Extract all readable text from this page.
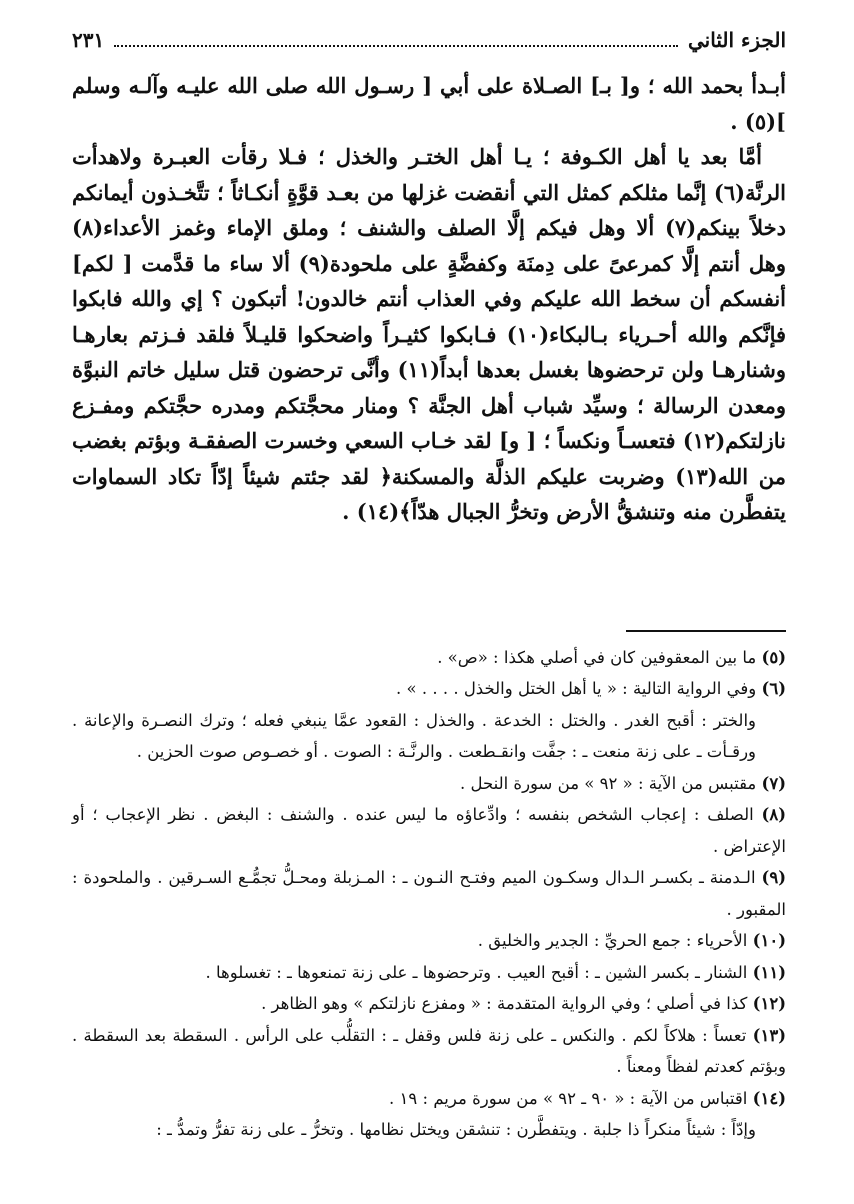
الجزء الثاني
٢٣١

أبـدأ بحمد الله ؛ و[ بـ] الصـلاة على أبي [ رسـول الله صلى الله عليـه وآلـه وسلم ](٥) .

أمَّا بعد يا أهل الكـوفة ؛ يـا أهل الختـر والخذل ؛ فـلا رقأت العبـرة ولاهدأت الرنَّة(٦) إنَّما مثلكم كمثل التي أنقضت غزلها من بعـد قوَّةٍ أنكـاثاً ؛ تتَّخـذون أيمانكم دخلاً بينكم(٧) ألا وهل فيكم إلَّا الصلف والشنف ؛ وملق الإماء وغمز الأعداء(٨) وهل أنتم إلَّا كمرعىً على دِمنَة وكفضَّةٍ على ملحودة(٩) ألا ساء ما قدَّمت [ لكم] أنفسكم أن سخط الله عليكم وفي العذاب أنتم خالدون! أتبكون ؟ إي والله فابكوا فإنَّكم والله أحـرياء بـالبكاء(١٠) فـابكوا كثيـراً واضحكوا قليـلاً فلقد فـزتم بعارهـا وشنارهـا ولن ترحضوها بغسل بعدها أبداً(١١) وأنَّى ترحضون قتل سليل خاتم النبوَّة ومعدن الرسالة ؛ وسيِّد شباب أهل الجنَّة ؟ ومنار محجَّتكم ومدره حجَّتكم ومفـزع نازلتكم(١٢) فتعسـاً ونكساً ؛ [ و] لقد خـاب السعي وخسرت الصفقـة وبؤتم بغضب من الله(١٣) وضربت عليكم الذلَّة والمسكنة﴿ لقد جئتم شيئاً إدّاً تكاد السماوات يتفطَّرن منه وتنشقُّ الأرض وتخرُّ الجبال هدّاً﴾(١٤) .

(٥) ما بين المعقوفين كان في أصلي هكذا : «ص» .

(٦) وفي الرواية التالية : « يا أهل الختل والخذل . . . . » .
والختر : أقبح الغدر . والختل : الخدعة . والخذل : القعود عمَّا ينبغي فعله ؛ وترك النصـرة والإعانة . ورقـأت ـ على زنة منعت ـ : جفَّت وانقـطعت . والرنَّـة : الصوت . أو خصـوص صوت الحزين .

(٧) مقتبس من الآية : « ٩٢ » من سورة النحل .

(٨) الصلف : إعجاب الشخص بنفسه ؛ وادِّعاؤه ما ليس عنده . والشنف : البغض . نظر الإعجاب ؛ أو الإعتراض .

(٩) الـدمنة ـ بكسـر الـدال وسكـون الميم وفتـح النـون ـ : المـزبلة ومحـلُّ تجمُّـع السـرقين . والملحودة : المقبور .

(١٠) الأحرياء : جمع الحريِّ : الجدير والخليق .

(١١) الشنار ـ بكسر الشين ـ : أقبح العيب . وترحضوها ـ على زنة تمنعوها ـ : تغسلوها .

(١٢) كذا في أصلي ؛ وفي الرواية المتقدمة : « ومفزع نازلتكم » وهو الظاهر .

(١٣) تعساً : هلاكاً لكم . والنكس ـ على زنة فلس وقفل ـ : التقلُّب على الرأس . السقطة بعد السقطة . وبؤتم كعدتم لفظاً ومعناً .

(١٤) اقتباس من الآية : « ٩٠ ـ ٩٢ » من سورة مريم : ١٩ .
وإدّاً : شيئاً منكراً ذا جلبة . ويتفطَّرن : تنشقن ويختل نظامها . وتخرُّ ـ على زنة تفرُّ وتمدُّ ـ :
